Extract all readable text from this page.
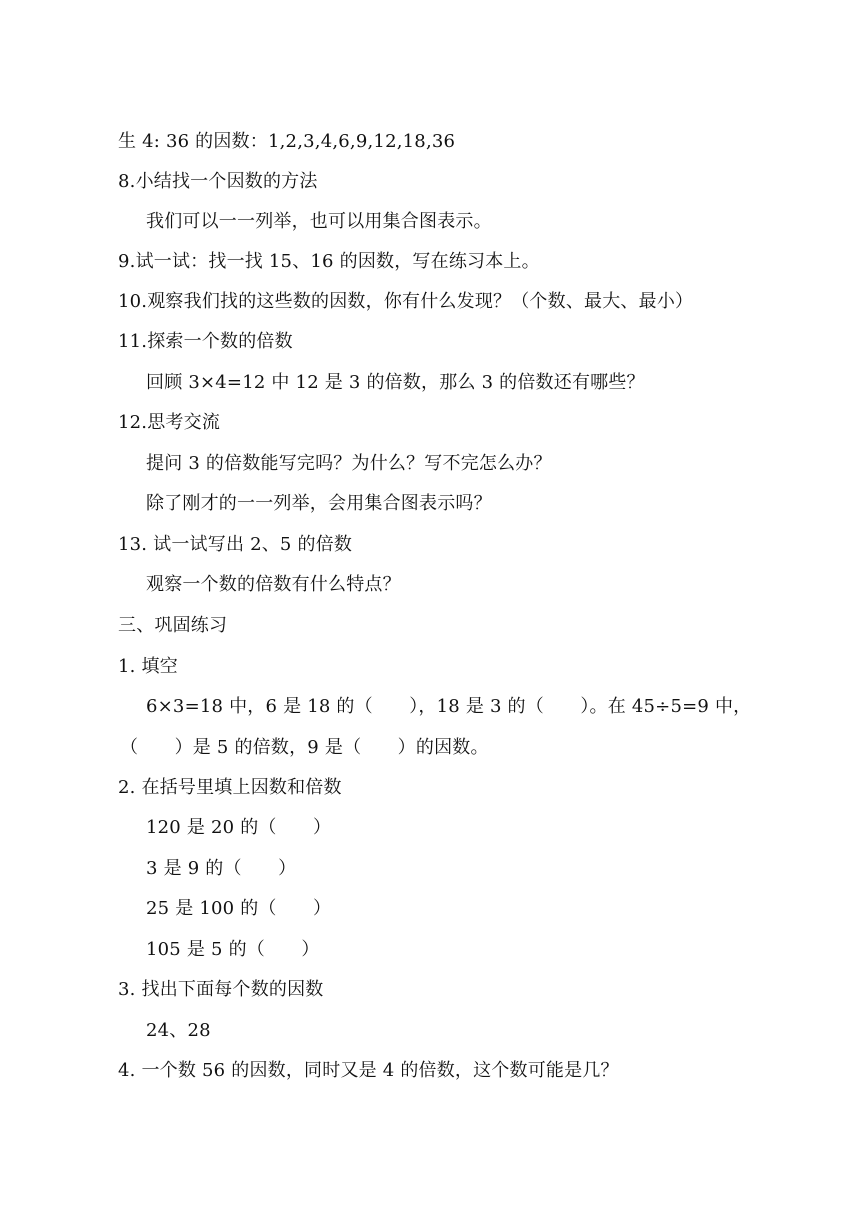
生 4: 36 的因数：1,2,3,4,6,9,12,18,36
8.小结找一个因数的方法
我们可以一一列举，也可以用集合图表示。
9.试一试：找一找 15、16 的因数，写在练习本上。
10.观察我们找的这些数的因数，你有什么发现？（个数、最大、最小）
11.探索一个数的倍数
回顾 3×4=12 中 12 是 3 的倍数，那么 3 的倍数还有哪些？
12.思考交流
提问 3 的倍数能写完吗？为什么？写不完怎么办？
除了刚才的一一列举，会用集合图表示吗？
13. 试一试写出 2、5 的倍数
观察一个数的倍数有什么特点？
三、巩固练习
1. 填空
6×3=18 中，6 是 18 的（　　），18 是 3 的（　　）。在 45÷5=9 中，
（　　）是 5 的倍数，9 是（　　）的因数。
2. 在括号里填上因数和倍数
120 是 20 的（　　）
3 是 9 的（　　）
25 是 100 的（　　）
105 是 5 的（　　）
3. 找出下面每个数的因数
24、28
4. 一个数 56 的因数，同时又是 4 的倍数，这个数可能是几？
